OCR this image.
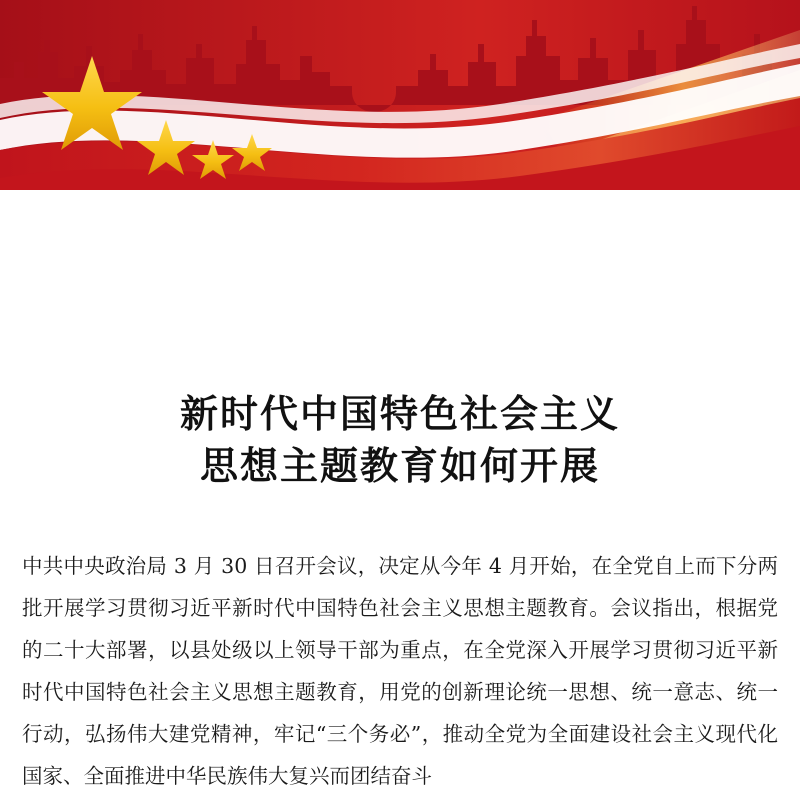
新时代中国特色社会主义
思想主题教育如何开展

中共中央政治局 3 月 30 日召开会议，决定从今年 4 月开始，在全党自上而下分两批开展学习贯彻习近平新时代中国特色社会主义思想主题教育。会议指出，根据党的二十大部署，以县处级以上领导干部为重点，在全党深入开展学习贯彻习近平新时代中国特色社会主义思想主题教育，用党的创新理论统一思想、统一意志、统一行动，弘扬伟大建党精神，牢记“三个务必”，推动全党为全面建设社会主义现代化国家、全面推进中华民族伟大复兴而团结奋斗
